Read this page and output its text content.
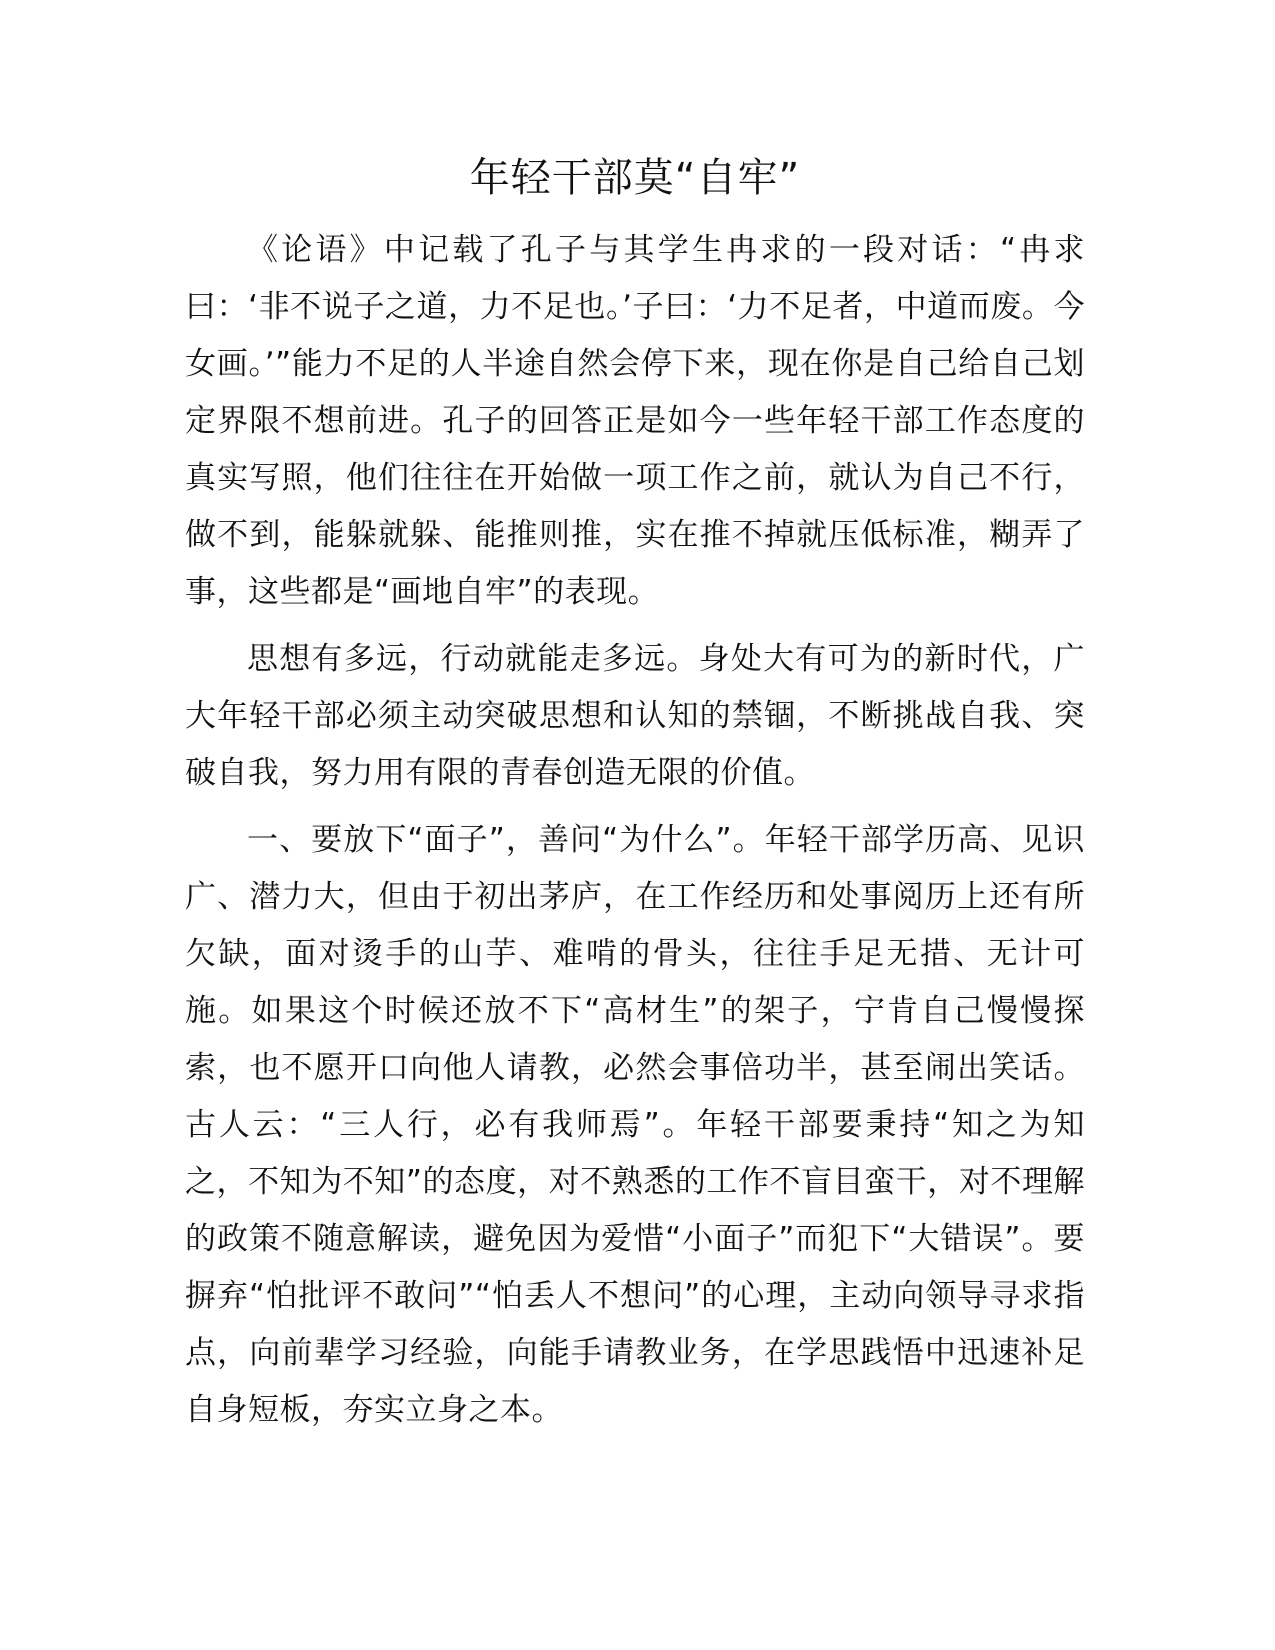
年轻干部莫“自牢”

《论语》中记载了孔子与其学生冉求的一段对话：“冉求曰：‘非不说子之道，力不足也。’子曰：‘力不足者，中道而废。今女画。’”能力不足的人半途自然会停下来，现在你是自己给自己划定界限不想前进。孔子的回答正是如今一些年轻干部工作态度的真实写照，他们往往在开始做一项工作之前，就认为自己不行，做不到，能躲就躲、能推则推，实在推不掉就压低标准，糊弄了事，这些都是“画地自牢”的表现。

思想有多远，行动就能走多远。身处大有可为的新时代，广大年轻干部必须主动突破思想和认知的禁锢，不断挑战自我、突破自我，努力用有限的青春创造无限的价值。

一、要放下“面子”，善问“为什么”。年轻干部学历高、见识广、潜力大，但由于初出茅庐，在工作经历和处事阅历上还有所欠缺，面对烫手的山芋、难啃的骨头，往往手足无措、无计可施。如果这个时候还放不下“高材生”的架子，宁肯自己慢慢探索，也不愿开口向他人请教，必然会事倍功半，甚至闹出笑话。古人云：“三人行，必有我师焉”。年轻干部要秉持“知之为知之，不知为不知”的态度，对不熟悉的工作不盲目蛮干，对不理解的政策不随意解读，避免因为爱惜“小面子”而犯下“大错误”。要摒弃“怕批评不敢问”“怕丢人不想问”的心理，主动向领导寻求指点，向前辈学习经验，向能手请教业务，在学思践悟中迅速补足自身短板，夯实立身之本。
